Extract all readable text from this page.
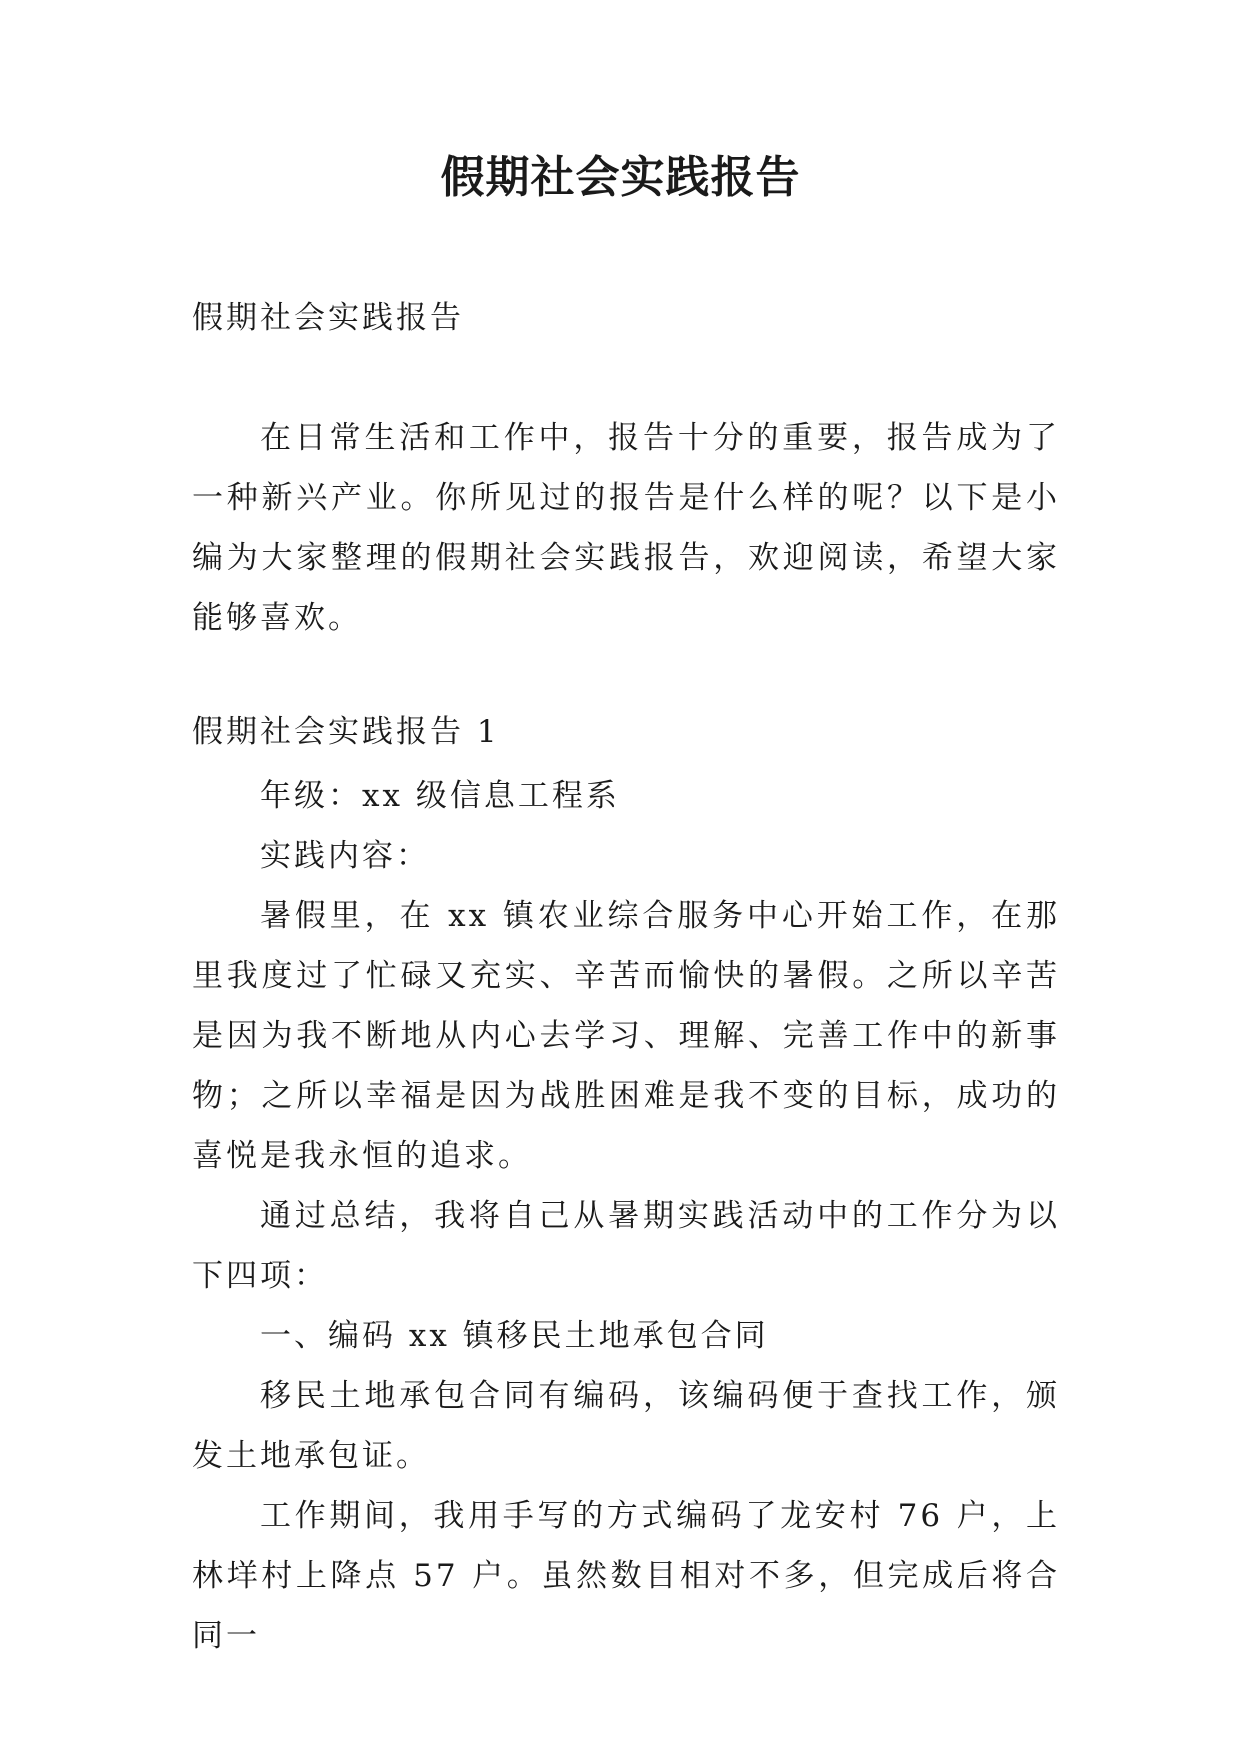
假期社会实践报告

假期社会实践报告

在日常生活和工作中，报告十分的重要，报告成为了一种新兴产业。你所见过的报告是什么样的呢？以下是小编为大家整理的假期社会实践报告，欢迎阅读，希望大家能够喜欢。

假期社会实践报告 1

年级：xx 级信息工程系

实践内容：

暑假里，在 xx 镇农业综合服务中心开始工作，在那里我度过了忙碌又充实、辛苦而愉快的暑假。之所以辛苦是因为我不断地从内心去学习、理解、完善工作中的新事物；之所以幸福是因为战胜困难是我不变的目标，成功的喜悦是我永恒的追求。

通过总结，我将自己从暑期实践活动中的工作分为以下四项：

一、编码 xx 镇移民土地承包合同

移民土地承包合同有编码，该编码便于查找工作，颁发土地承包证。

工作期间，我用手写的方式编码了龙安村 76 户，上林垟村上降点 57 户。虽然数目相对不多，但完成后将合同一
